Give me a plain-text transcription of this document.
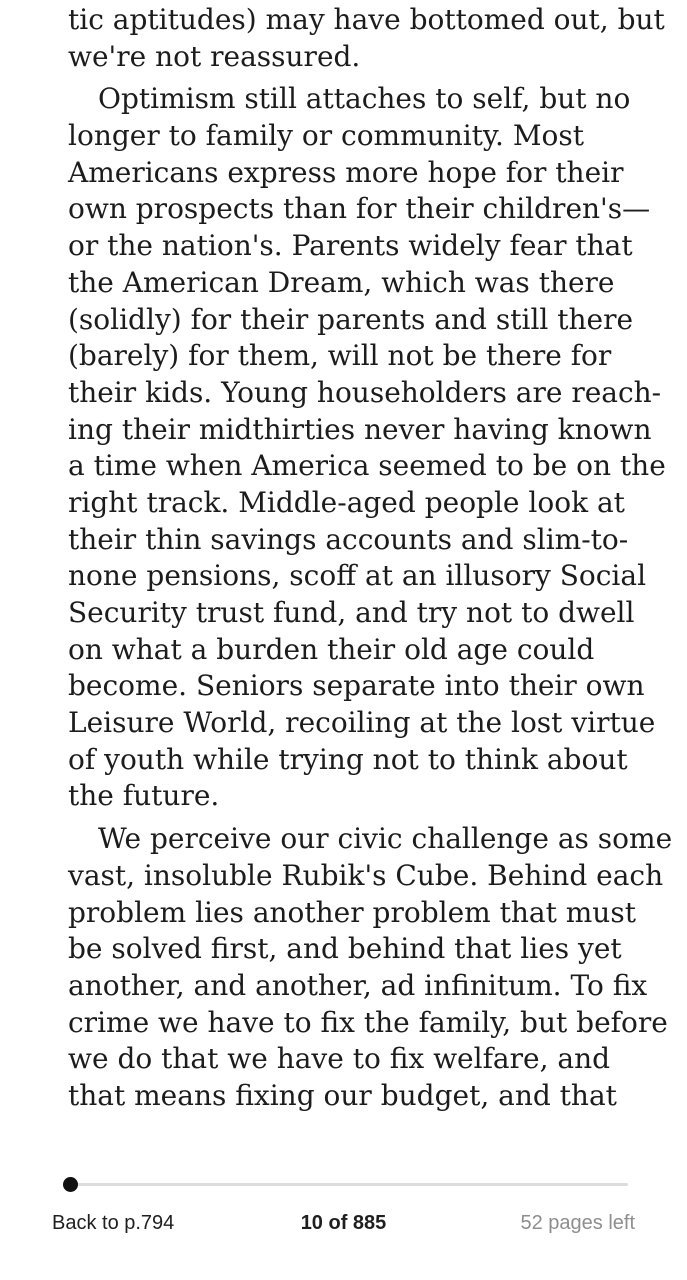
tic aptitudes) may have bottomed out, but
we're not reassured.
Optimism still attaches to self, but no
longer to family or community. Most
Americans express more hope for their
own prospects than for their children's—
or the nation's. Parents widely fear that
the American Dream, which was there
(solidly) for their parents and still there
(barely) for them, will not be there for
their kids. Young householders are reach-
ing their midthirties never having known
a time when America seemed to be on the
right track. Middle-aged people look at
their thin savings accounts and slim-to-
none pensions, scoff at an illusory Social
Security trust fund, and try not to dwell
on what a burden their old age could
become. Seniors separate into their own
Leisure World, recoiling at the lost virtue
of youth while trying not to think about
the future.
We perceive our civic challenge as some
vast, insoluble Rubik's Cube. Behind each
problem lies another problem that must
be solved first, and behind that lies yet
another, and another, ad infinitum. To fix
crime we have to fix the family, but before
we do that we have to fix welfare, and
that means fixing our budget, and that
Back to p.794	10 of 885	52 pages left
